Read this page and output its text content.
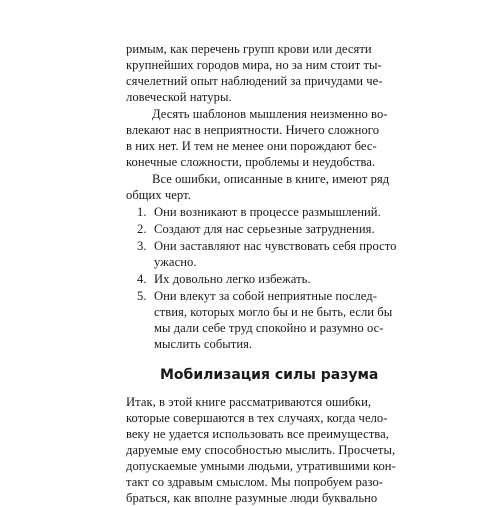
римым, как перечень групп крови или десяти
крупнейших городов мира, но за ним стоит ты-
сячелетний опыт наблюдений за причудами че-
ловеческой натуры.
Десять шаблонов мышления неизменно во-
влекают нас в неприятности. Ничего сложного
в них нет. И тем не менее они порождают бес-
конечные сложности, проблемы и неудобства.
Все ошибки, описанные в книге, имеют ряд
общих черт.
1. Они возникают в процессе размышлений.
2. Создают для нас серьезные затруднения.
3. Они заставляют нас чувствовать себя просто
ужасно.
4. Их довольно легко избежать.
5. Они влекут за собой неприятные послед-
ствия, которых могло бы и не быть, если бы
мы дали себе труд спокойно и разумно ос-
мыслить события.
Мобилизация силы разума
Итак, в этой книге рассматриваются ошибки,
которые совершаются в тех случаях, когда чело-
веку не удается использовать все преимущества,
даруемые ему способностью мыслить. Просчеты,
допускаемые умными людьми, утратившими кон-
такт со здравым смыслом. Мы попробуем разо-
браться, как вполне разумные люди буквально
